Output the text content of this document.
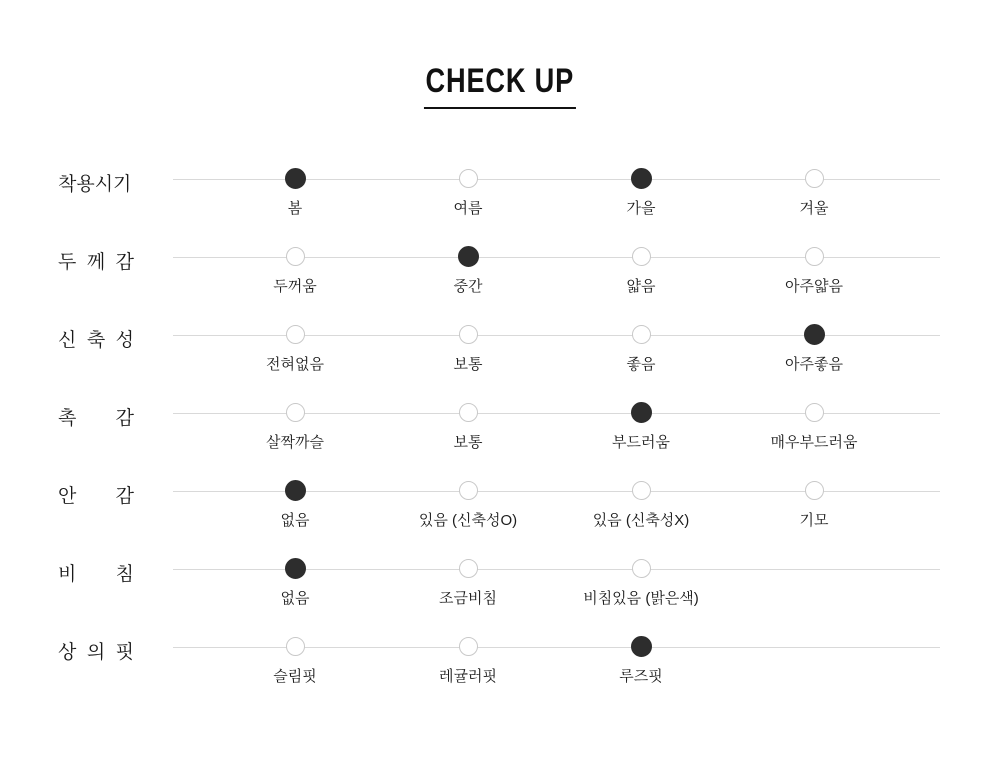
CHECK UP
착용시기
봄	여름	가을	겨울
두 께 감
두꺼움	중간	얇음	아주얇음
신 축 성
전혀없음	보통	좋음	아주좋음
촉 감
살짝까슬	보통	부드러움	매우부드러움
안 감
없음	있음 (신축성O)	있음 (신축성X)	기모
비 침
없음	조금비침	비침있음 (밝은색)
상 의 핏
슬림핏	레귤러핏	루즈핏
